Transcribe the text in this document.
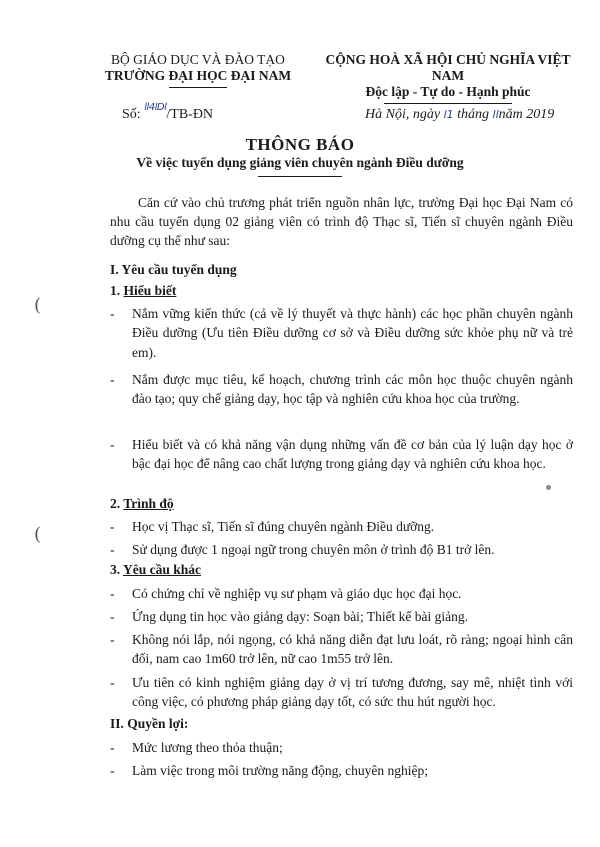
BỘ GIÁO DỤC VÀ ĐÀO TẠO
TRƯỜNG ĐẠI HỌC ĐẠI NAM
CỘNG HOÀ XÃ HỘI CHỦ NGHĨA VIỆT NAM
Độc lập - Tự do - Hạnh phúc
Số: $^{ll4lDl}$/TB-ĐN	Hà Nội, ngày l1 tháng llnăm 2019
THÔNG BÁO
Về việc tuyển dụng giảng viên chuyên ngành Điều dưỡng
Căn cứ vào chủ trương phát triển nguồn nhân lực, trường Đại học Đại Nam có nhu cầu tuyển dụng 02 giảng viên có trình độ Thạc sĩ, Tiến sĩ chuyên ngành Điều dưỡng cụ thể như sau:
I. Yêu cầu tuyển dụng
1. Hiểu biết
- Nắm vững kiến thức (cả về lý thuyết và thực hành) các học phần chuyên ngành Điều dưỡng (Ưu tiên Điều dưỡng cơ sở và Điều dưỡng sức khỏe phụ nữ và trẻ em).
- Nắm được mục tiêu, kế hoạch, chương trình các môn học thuộc chuyên ngành đào tạo; quy chế giảng dạy, học tập và nghiên cứu khoa học của trường.
- Hiểu biết và có khả năng vận dụng những vấn đề cơ bản của lý luận dạy học ở bậc đại học để nâng cao chất lượng trong giảng dạy và nghiên cứu khoa học.
2. Trình độ
- Học vị Thạc sĩ, Tiến sĩ đúng chuyên ngành Điều dưỡng.
- Sử dụng được 1 ngoại ngữ trong chuyên môn ở trình độ B1 trở lên.
3. Yêu cầu khác
- Có chứng chỉ về nghiệp vụ sư phạm và giáo dục học đại học.
- Ứng dụng tin học vào giảng dạy: Soạn bài; Thiết kế bài giảng.
- Không nói lắp, nói ngọng, có khả năng diễn đạt lưu loát, rõ ràng; ngoại hình cân đối, nam cao 1m60 trở lên, nữ cao 1m55 trở lên.
- Ưu tiên có kinh nghiệm giảng dạy ở vị trí tương đương, say mê, nhiệt tình với công việc, có phương pháp giảng dạy tốt, có sức thu hút người học.
II. Quyền lợi:
- Mức lương theo thỏa thuận;
- Làm việc trong môi trường năng động, chuyên nghiệp;
(
(
